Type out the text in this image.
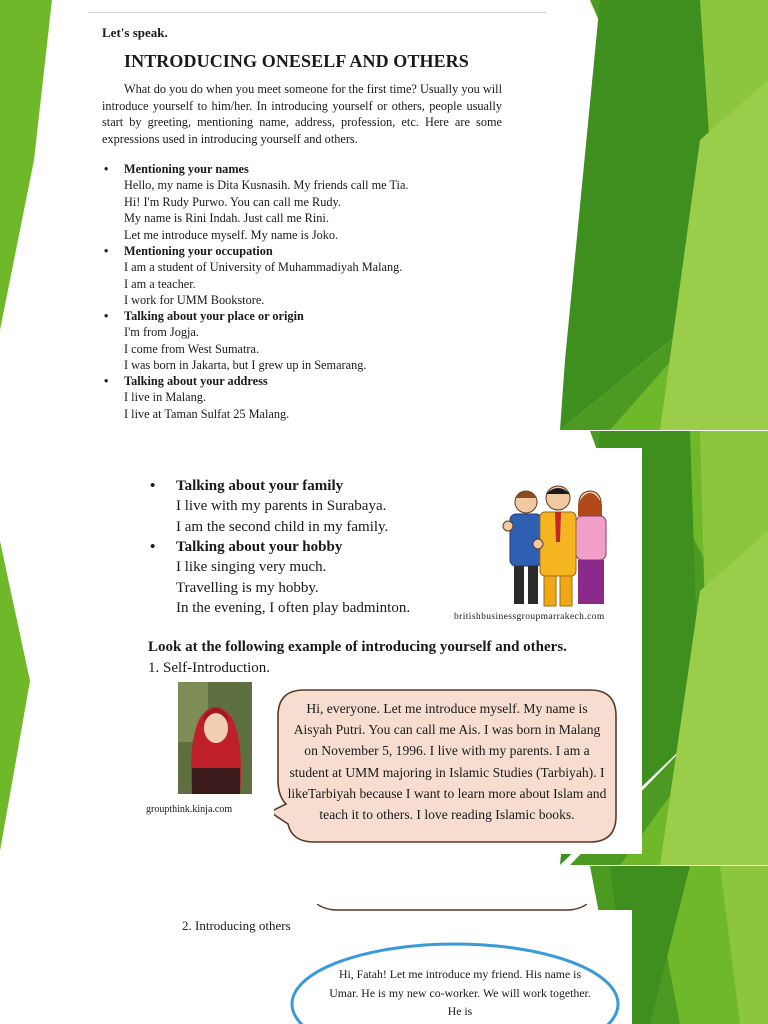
Let's speak.
INTRODUCING ONESELF AND OTHERS
What do you do when you meet someone for the first time? Usually you will introduce yourself to him/her. In introducing yourself or others, people usually start by greeting, mentioning name, address, profession, etc. Here are some expressions used in introducing yourself and others.
• Mentioning your names
Hello, my name is Dita Kusnasih. My friends call me Tia.
Hi! I'm Rudy Purwo. You can call me Rudy.
My name is Rini Indah. Just call me Rini.
Let me introduce myself. My name is Joko.
• Mentioning your occupation
I am a student of University of Muhammadiyah Malang.
I am a teacher.
I work for UMM Bookstore.
• Talking about your place or origin
I'm from Jogja.
I come from West Sumatra.
I was born in Jakarta, but I grew up in Semarang.
• Talking about your address
I live in Malang.
I live at Taman Sulfat 25 Malang.
• Talking about your family
I live with my parents in Surabaya.
I am the second child in my family.
• Talking about your hobby
I like singing very much.
Travelling is my hobby.
In the evening, I often play badminton.
britishbusinessgroupmarrakech.com
Look at the following example of introducing yourself and others.
1. Self-Introduction.
groupthink.kinja.com
Hi, everyone. Let me introduce myself. My name is Aisyah Putri. You can call me Ais. I was born in Malang on November 5, 1996. I live with my parents. I am a student at UMM majoring in Islamic Studies (Tarbiyah). I likeTarbiyah because I want to learn more about Islam and teach it to others. I love reading Islamic books.
2. Introducing others
Hi, Fatah! Let me introduce my friend. His name is Umar. He is my new co-worker. We will work together. He is
